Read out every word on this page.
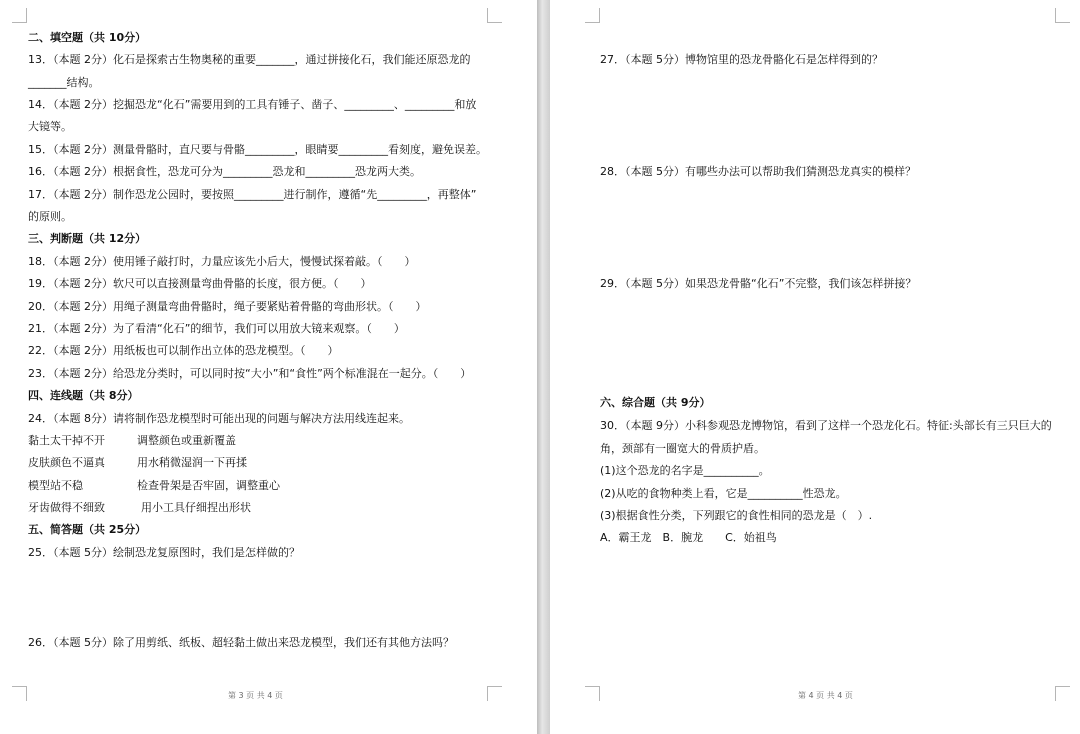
二、填空题（共 10分）
13．（本题 2分）化石是探索古生物奥秘的重要_______，通过拼接化石，我们能还原恐龙的
_______结构。
14．（本题 2分）挖掘恐龙“化石”需要用到的工具有锤子、凿子、_________、_________和放
大镜等。
15．（本题 2分）测量骨骼时，直尺要与骨骼_________，眼睛要_________看刻度，避免误差。
16．（本题 2分）根据食性，恐龙可分为_________恐龙和_________恐龙两大类。
17．（本题 2分）制作恐龙公园时，要按照_________进行制作，遵循“先_________，再整体”
的原则。
三、判断题（共 12分）
18．（本题 2分）使用锤子敲打时，力量应该先小后大，慢慢试探着敲。（　　）
19．（本题 2分）软尺可以直接测量弯曲骨骼的长度，很方便。（　　）
20．（本题 2分）用绳子测量弯曲骨骼时，绳子要紧贴着骨骼的弯曲形状。（　　）
21．（本题 2分）为了看清“化石”的细节，我们可以用放大镜来观察。（　　）
22．（本题 2分）用纸板也可以制作出立体的恐龙模型。（　　）
23．（本题 2分）给恐龙分类时，可以同时按“大小”和“食性”两个标准混在一起分。（　　）
四、连线题（共 8分）
24．（本题 8分）请将制作恐龙模型时可能出现的问题与解决方法用线连起来。
黏土太干掉不开	调整颜色或重新覆盖
皮肤颜色不逼真	用水稍微湿润一下再揉
模型站不稳	检查骨架是否牢固，调整重心
牙齿做得不细致	用小工具仔细捏出形状
五、简答题（共 25分）
25．（本题 5分）绘制恐龙复原图时，我们是怎样做的？
26．（本题 5分）除了用剪纸、纸板、超轻黏土做出来恐龙模型，我们还有其他方法吗？
第 3 页 共 4 页
27．（本题 5分）博物馆里的恐龙骨骼化石是怎样得到的？
28．（本题 5分）有哪些办法可以帮助我们猜测恐龙真实的模样？
29．（本题 5分）如果恐龙骨骼“化石”不完整，我们该怎样拼接？
六、综合题（共 9分）
30．（本题 9分）小科参观恐龙博物馆，看到了这样一个恐龙化石。特征:头部长有三只巨大的
角，颈部有一圈宽大的骨质护盾。
(1)这个恐龙的名字是__________。
(2)从吃的食物种类上看，它是__________性恐龙。
(3)根据食性分类，下列跟它的食性相同的恐龙是（　）.
A．霸王龙　B．腕龙　　C．始祖鸟
第 4 页 共 4 页
